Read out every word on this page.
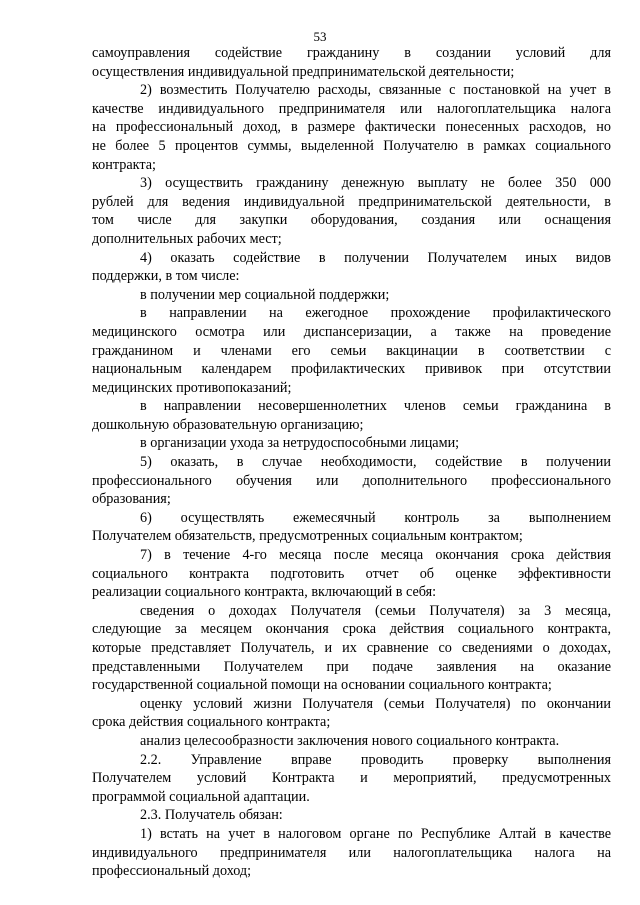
53
самоуправления содействие гражданину в создании условий для
осуществления индивидуальной предпринимательской деятельности;
2) возместить Получателю расходы, связанные с постановкой на учет в
качестве индивидуального предпринимателя или налогоплательщика налога
на профессиональный доход, в размере фактически понесенных расходов, но
не более 5 процентов суммы, выделенной Получателю в рамках социального
контракта;
3) осуществить гражданину денежную выплату не более 350 000
рублей для ведения индивидуальной предпринимательской деятельности, в
том числе для закупки оборудования, создания или оснащения
дополнительных рабочих мест;
4) оказать содействие в получении Получателем иных видов
поддержки, в том числе:
в получении мер социальной поддержки;
в направлении на ежегодное прохождение профилактического
медицинского осмотра или диспансеризации, а также на проведение
гражданином и членами его семьи вакцинации в соответствии с
национальным календарем профилактических прививок при отсутствии
медицинских противопоказаний;
в направлении несовершеннолетних членов семьи гражданина в
дошкольную образовательную организацию;
в организации ухода за нетрудоспособными лицами;
5) оказать, в случае необходимости, содействие в получении
профессионального обучения или дополнительного профессионального
образования;
6) осуществлять ежемесячный контроль за выполнением
Получателем обязательств, предусмотренных социальным контрактом;
7) в течение 4-го месяца после месяца окончания срока действия
социального контракта подготовить отчет об оценке эффективности
реализации социального контракта, включающий в себя:
сведения о доходах Получателя (семьи Получателя) за 3 месяца,
следующие за месяцем окончания срока действия социального контракта,
которые представляет Получатель, и их сравнение со сведениями о доходах,
представленными Получателем при подаче заявления на оказание
государственной социальной помощи на основании социального контракта;
оценку условий жизни Получателя (семьи Получателя) по окончании
срока действия социального контракта;
анализ целесообразности заключения нового социального контракта.
2.2. Управление вправе проводить проверку выполнения
Получателем условий Контракта и мероприятий, предусмотренных
программой социальной адаптации.
2.3. Получатель обязан:
1) встать на учет в налоговом органе по Республике Алтай в качестве
индивидуального предпринимателя или налогоплательщика налога на
профессиональный доход;
